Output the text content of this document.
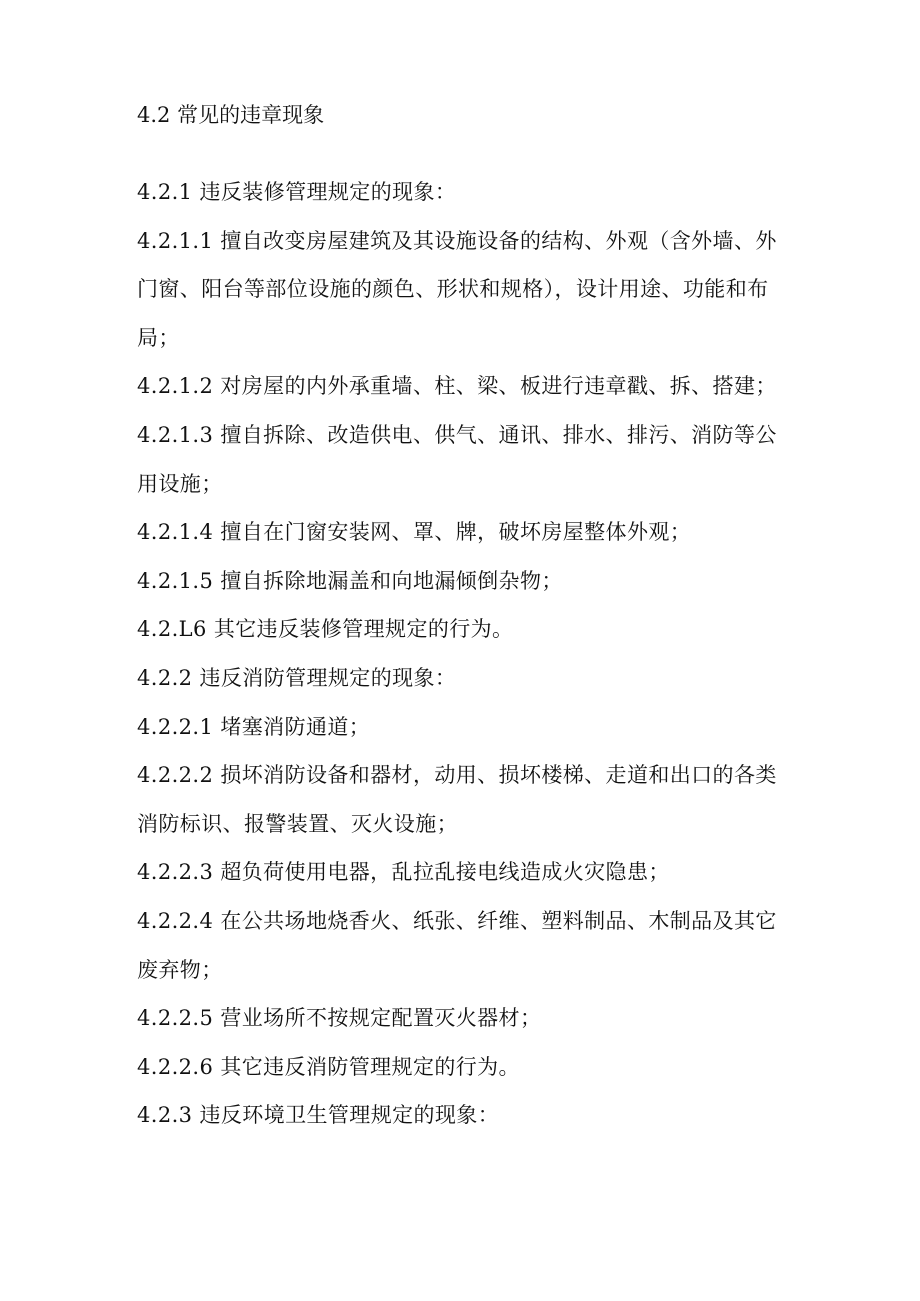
4.2 常见的违章现象

4.2.1 违反装修管理规定的现象：

4.2.1.1 擅自改变房屋建筑及其设施设备的结构、外观（含外墙、外门窗、阳台等部位设施的颜色、形状和规格），设计用途、功能和布局；

4.2.1.2 对房屋的内外承重墙、柱、梁、板进行违章戳、拆、搭建；

4.2.1.3 擅自拆除、改造供电、供气、通讯、排水、排污、消防等公用设施；

4.2.1.4 擅自在门窗安装网、罩、牌，破坏房屋整体外观；

4.2.1.5 擅自拆除地漏盖和向地漏倾倒杂物；

4.2.L6 其它违反装修管理规定的行为。

4.2.2 违反消防管理规定的现象：

4.2.2.1 堵塞消防通道；

4.2.2.2 损坏消防设备和器材，动用、损坏楼梯、走道和出口的各类消防标识、报警装置、灭火设施；

4.2.2.3 超负荷使用电器，乱拉乱接电线造成火灾隐患；

4.2.2.4 在公共场地烧香火、纸张、纤维、塑料制品、木制品及其它废弃物；

4.2.2.5 营业场所不按规定配置灭火器材；

4.2.2.6 其它违反消防管理规定的行为。

4.2.3 违反环境卫生管理规定的现象：
